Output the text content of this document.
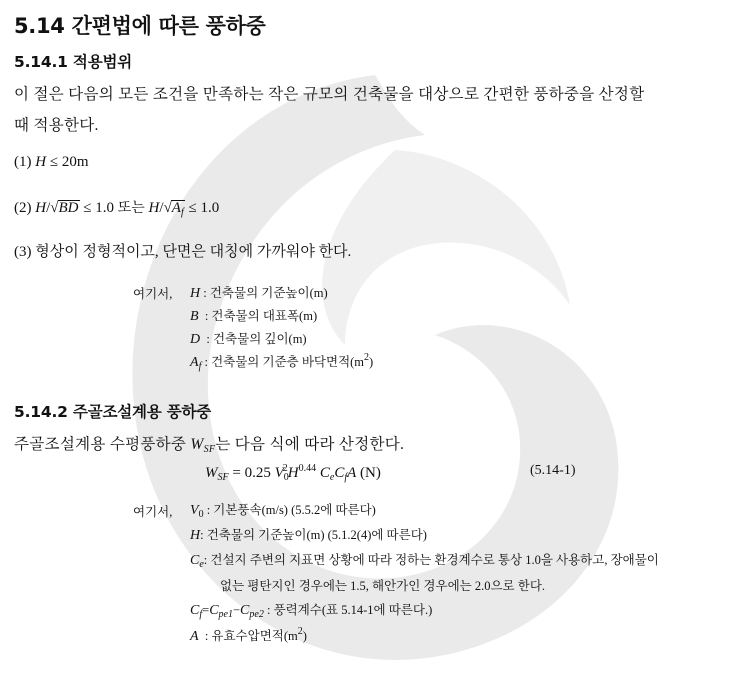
5.14 간편법에 따른 풍하중
5.14.1 적용범위
이 절은 다음의 모든 조건을 만족하는 작은 규모의 건축물을 대상으로 간편한 풍하중을 산정할
때 적용한다.
(1) H ≤ 20m
(2) H/√BD ≤ 1.0 또는 $H/√A_f \le 1.0$
(3) 형상이 정형적이고, 단면은 대칭에 가까워야 한다.
여기서, H : 건축물의 기준높이(m)
B : 건축물의 대표폭(m)
D : 건축물의 깊이(m)
$A_f$ : 건축물의 기준층 바닥면적$(m^2)$
5.14.2 주골조설계용 풍하중
주골조설계용 수평풍하중 $W_{SF}$는 다음 식에 따라 산정한다.
$W_{SF} = 0.25$ $V_0^2H^{0.44}$ $C_eC_fA$ (N)	(5.14-1)
여기서, $V_0$ : 기본풍속(m/s) (5.5.2에 따른다)
H: 건축물의 기준높이(m) (5.1.2(4)에 따른다)
$C_e$: 건설지 주변의 지표면 상황에 따라 정하는 환경계수로 통상 1.0을 사용하고, 장애물이
없는 평탄지인 경우에는 1.5, 해안가인 경우에는 2.0으로 한다.
$C_f=C_{pe1}-C_{pe2}$ : 풍력계수(표 5.14-1에 따른다.)
A : 유효수압면적$(m^2)$
